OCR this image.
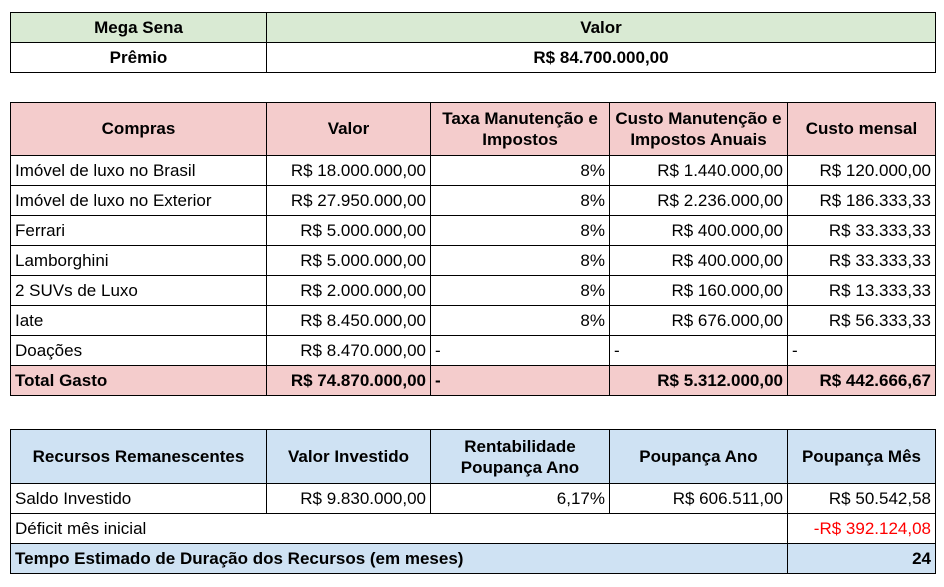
Mega Sena	Valor
Prêmio	R$ 84.700.000,00
Compras	Valor	Taxa Manutenção e Impostos	Custo Manutenção e Impostos Anuais	Custo mensal
Imóvel de luxo no Brasil	R$ 18.000.000,00	8%	R$ 1.440.000,00	R$ 120.000,00
Imóvel de luxo no Exterior	R$ 27.950.000,00	8%	R$ 2.236.000,00	R$ 186.333,33
Ferrari	R$ 5.000.000,00	8%	R$ 400.000,00	R$ 33.333,33
Lamborghini	R$ 5.000.000,00	8%	R$ 400.000,00	R$ 33.333,33
2 SUVs de Luxo	R$ 2.000.000,00	8%	R$ 160.000,00	R$ 13.333,33
Iate	R$ 8.450.000,00	8%	R$ 676.000,00	R$ 56.333,33
Doações	R$ 8.470.000,00	-	-	-
Total Gasto	R$ 74.870.000,00	-	R$ 5.312.000,00	R$ 442.666,67
Recursos Remanescentes	Valor Investido	Rentabilidade Poupança Ano	Poupança Ano	Poupança Mês
Saldo Investido	R$ 9.830.000,00	6,17%	R$ 606.511,00	R$ 50.542,58
Déficit mês inicial				-R$ 392.124,08
Tempo Estimado de Duração dos Recursos (em meses)				24
